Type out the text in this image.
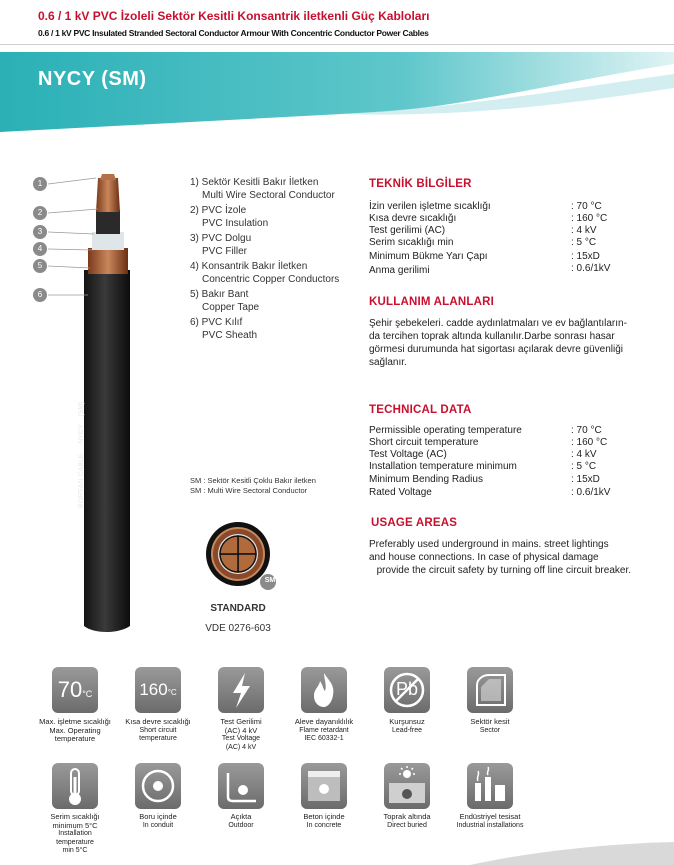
0.6 / 1 kV PVC İzoleli Sektör Kesitli Konsantrik iletkenli Güç Kabloları
0.6 / 1 kV PVC Insulated Stranded Sectoral Conductor Armour With Concentric Conductor Power Cables
NYCY (SM)
BORSAN CABLE     NYCY    (SM)
1
2
3
4
5
6
1) Sektör Kesitli Bakır İletken
Multi Wire Sectoral Conductor
2) PVC İzole
PVC Insulation
3) PVC Dolgu
PVC Filler
4) Konsantrik Bakır İletken
Concentric Copper Conductors
5) Bakır Bant
Copper Tape
6) PVC Kılıf
PVC Sheath
SM : Sektör Kesitli Çoklu Bakır iletken
SM : Multi Wire Sectoral Conductor
SM
STANDARD
VDE 0276-603
TEKNİK BİLGİLER
İzin verilen işletme sıcaklığı	: 70 °C
Kısa devre sıcaklığı	: 160 °C
Test gerilimi (AC)	: 4 kV
Serim sıcaklığı min	: 5 °C
Minimum Bükme Yarı Çapı	: 15xD
Anma gerilimi	: 0.6/1kV
KULLANIM ALANLARI
Şehir şebekeleri. cadde aydınlatmaları ve ev bağlantıların-
da tercihen toprak altında kullanılır.Darbe sonrası hasar
görmesi durumunda hat sigortası açılarak devre güvenliği
sağlanır.
TECHNICAL DATA
Permissible operating temperature	: 70 °C
Short circuit temperature	: 160 °C
Test Voltage (AC)	: 4 kV
Installation temperature minimum	: 5 °C
Minimum Bending Radius	: 15xD
Rated Voltage	: 0.6/1kV
USAGE AREAS
Preferably used underground in mains. street lightings
and house connections. In case of physical damage
provide the circuit safety by turning off line circuit breaker.
70°C
Max. işletme sıcaklığı
Max. Operating
temperature
160°C
Kısa devre sıcaklığı
Short circuit
temperature
Test Gerilimi
(AC) 4 kV
Test Voltage
(AC) 4 kV
Aleve dayanıklılık
Flame retardant
IEC 60332-1
Pb
Kurşunsuz
Lead-free
Sektör kesit
Sector
Serim sıcaklığı
minimum 5°C
Installation
temperature
min 5°C
Boru içinde
In conduit
Açıkta
Outdoor
Beton içinde
In concrete
Toprak altında
Direct buried
Endüstriyel tesisat
Industrial installations
